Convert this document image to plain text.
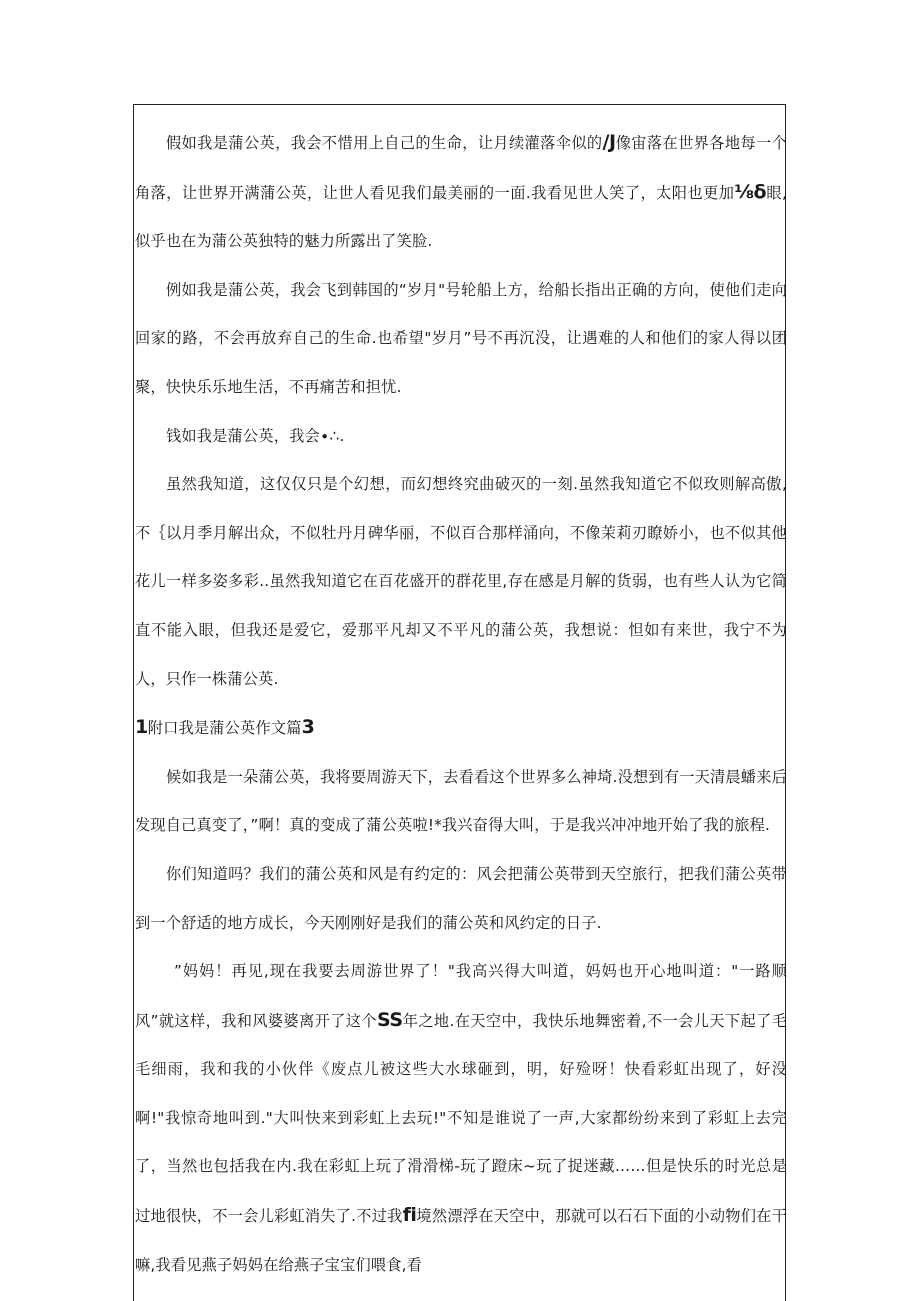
假如我是蒲公英，我会不惜用上自己的生命，让月续灌落伞似的/J像宙落在世界各地每一个角落，让世界开满蒲公英，让世人看见我们最美丽的一面.我看见世人笑了，太阳也更加⅛δ眼,似乎也在为蒲公英独特的魅力所露出了笑脸.

例如我是蒲公英，我会飞到韩国的“岁月"号轮船上方，给船长指出正确的方向，使他们走向回家的路，不会再放弃自己的生命.也希望"岁月”号不再沉没，让遇难的人和他们的家人得以团聚，快快乐乐地生活，不再痛苦和担忧.

钱如我是蒲公英，我会∙∴.

虽然我知道，这仅仅只是个幻想，而幻想终究曲破灭的一刻.虽然我知道它不似玫则解高傲,不｛以月季月解出众，不似牡丹月碑华丽，不似百合那样涌向，不像茉莉刃瞭娇小，也不似其他花儿一样多姿多彩..虽然我知道它在百花盛开的群花里,存在感是月解的货弱，也有些人认为它简直不能入眼，但我还是爱它，爱那平凡却又不平凡的蒲公英，我想说：怛如有来世，我宁不为人，只作一株蒲公英.

1附口我是蒲公英作文篇3

候如我是一朵蒲公英，我将要周游天下，去看看这个世界多么神埼.没想到有一天清晨蟠来后发现自己真变了，”啊！真的变成了蒲公英啦!*我兴奋得大叫，于是我兴冲冲地开始了我的旅程.

你们知道吗？我们的蒲公英和风是有约定的：风会把蒲公英带到天空旅行，把我们蒲公英带到一个舒适的地方成长，今天刚刚好是我们的蒲公英和风约定的日子.

”妈妈！再见,现在我要去周游世界了！"我高兴得大叫道，妈妈也开心地叫道："一路顺风”就这样，我和风婆婆离开了这个SS年之地.在天空中，我快乐地舞密着,不一会儿天下起了毛毛细雨，我和我的小伙伴《废点儿被这些大水球砸到，明，好殓呀！快看彩虹出现了，好没啊!"我惊奇地叫到."大叫快来到彩虹上去玩!"不知是谁说了一声,大家都纷纷来到了彩虹上去完了，当然也包括我在内.我在彩虹上玩了滑滑梯-玩了蹬床~玩了捉迷藏……但是快乐的时光总是过地很快，不一会儿彩虹消失了.不过我fi境然漂浮在天空中，那就可以石石下面的小动物们在干嘛,我看见燕子妈妈在给燕子宝宝们喂食,看
